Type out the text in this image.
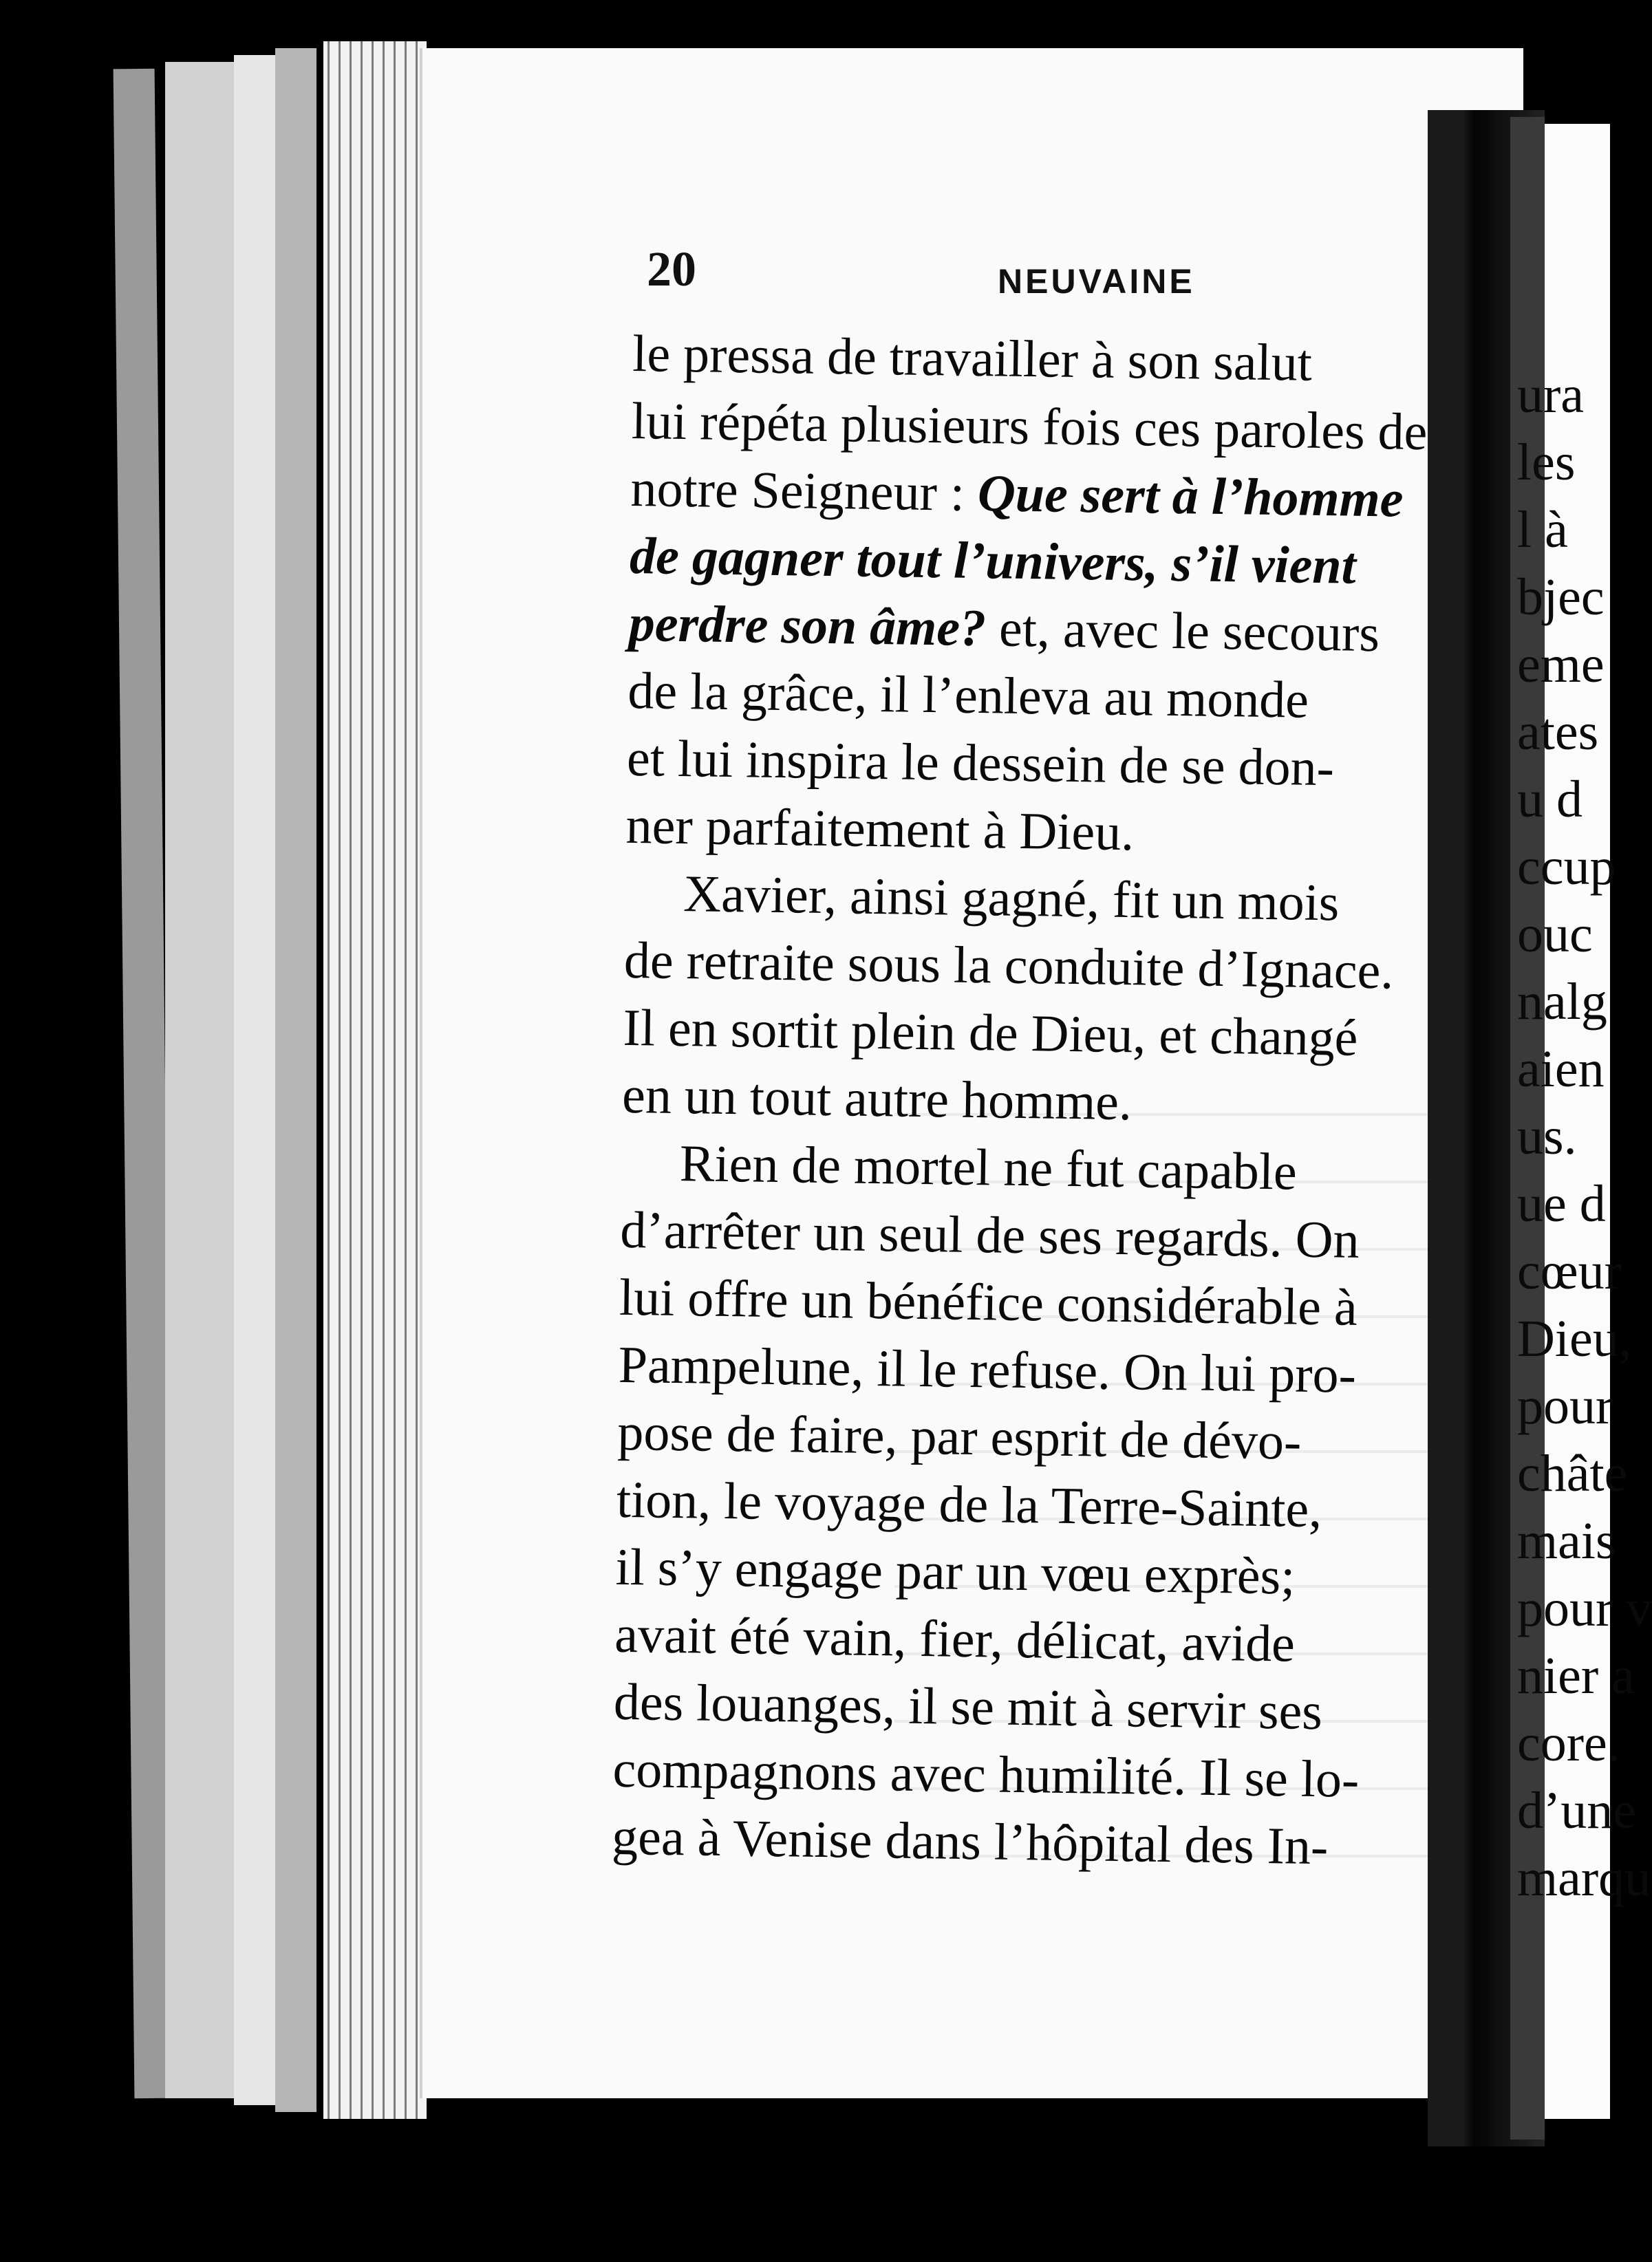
20	NEUVAINE
le pressa de travailler à son salut
lui répéta plusieurs fois ces paroles de
notre Seigneur : Que sert à l’homme
de gagner tout l’univers, s’il vient
perdre son âme? et, avec le secours
de la grâce, il l’enleva au monde
et lui inspira le dessein de se don-
ner parfaitement à Dieu.
Xavier, ainsi gagné, fit un mois
de retraite sous la conduite d’Ignace.
Il en sortit plein de Dieu, et changé
en un tout autre homme.
Rien de mortel ne fut capable
d’arrêter un seul de ses regards. On
lui offre un bénéfice considérable à
Pampelune, il le refuse. On lui pro-
pose de faire, par esprit de dévo-
tion, le voyage de la Terre-Sainte,
il s’y engage par un vœu exprès;
avait été vain, fier, délicat, avide
des louanges, il se mit à servir ses
compagnons avec humilité. Il se lo-
gea à Venise dans l’hôpital des In-
ura
les
l à
bjec
eme
ates
u d
ccup
ouc
nalg
aien
us.
ue d
cœur
Dieu,
pour
châte
mais
pour v
nier a
core.
d’une
marqu
